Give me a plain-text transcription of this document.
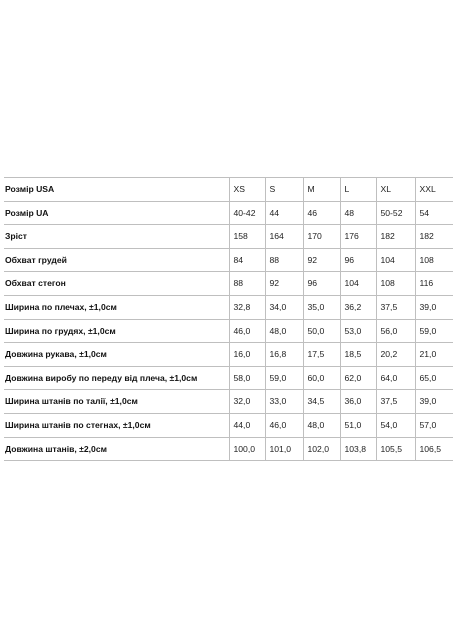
Розмір USA	XS	S	M	L	XL	XXL
Розмір UA	40-42	44	46	48	50-52	54
Зріст	158	164	170	176	182	182
Обхват грудей	84	88	92	96	104	108
Обхват стегон	88	92	96	104	108	116
Ширина по плечах, ±1,0см	32,8	34,0	35,0	36,2	37,5	39,0
Ширина по грудях, ±1,0см	46,0	48,0	50,0	53,0	56,0	59,0
Довжина рукава, ±1,0см	16,0	16,8	17,5	18,5	20,2	21,0
Довжина виробу по переду від плеча, ±1,0см	58,0	59,0	60,0	62,0	64,0	65,0
Ширина штанів по талії, ±1,0см	32,0	33,0	34,5	36,0	37,5	39,0
Ширина штанів по стегнах, ±1,0см	44,0	46,0	48,0	51,0	54,0	57,0
Довжина штанів, ±2,0см	100,0	101,0	102,0	103,8	105,5	106,5
